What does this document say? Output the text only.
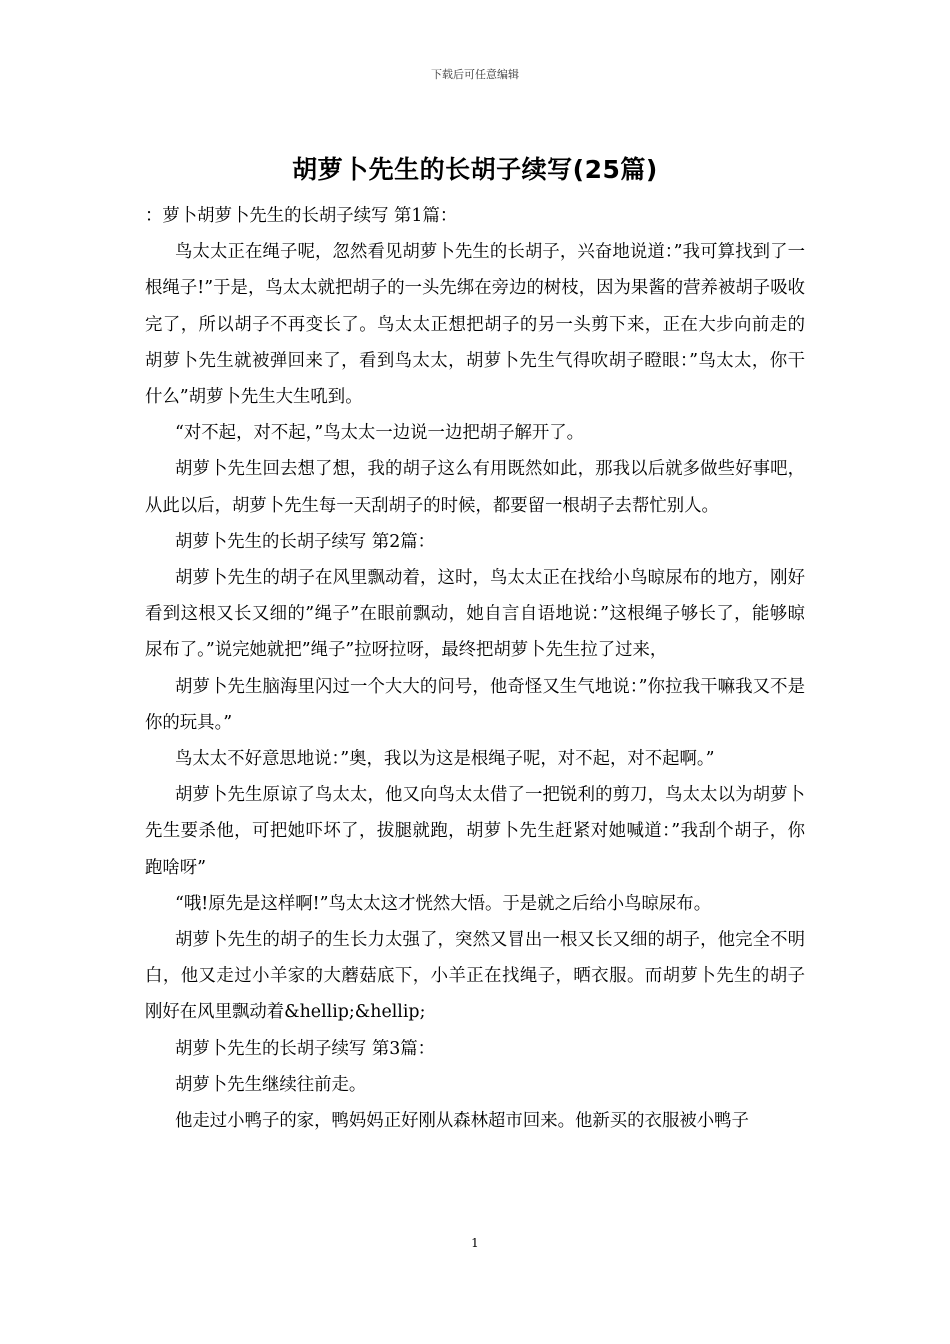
下载后可任意编辑
胡萝卜先生的长胡子续写(25篇)

：萝卜胡萝卜先生的长胡子续写 第1篇：

鸟太太正在绳子呢，忽然看见胡萝卜先生的长胡子，兴奋地说道：”我可算找到了一根绳子!”于是，鸟太太就把胡子的一头先绑在旁边的树枝，因为果酱的营养被胡子吸收完了，所以胡子不再变长了。鸟太太正想把胡子的另一头剪下来，正在大步向前走的胡萝卜先生就被弹回来了，看到鸟太太，胡萝卜先生气得吹胡子瞪眼：”鸟太太，你干什么”胡萝卜先生大生吼到。

“对不起，对不起，”鸟太太一边说一边把胡子解开了。

胡萝卜先生回去想了想，我的胡子这么有用既然如此，那我以后就多做些好事吧，从此以后，胡萝卜先生每一天刮胡子的时候，都要留一根胡子去帮忙别人。

胡萝卜先生的长胡子续写 第2篇：

胡萝卜先生的胡子在风里飘动着，这时，鸟太太正在找给小鸟晾尿布的地方，刚好看到这根又长又细的”绳子”在眼前飘动，她自言自语地说：”这根绳子够长了，能够晾尿布了。”说完她就把”绳子”拉呀拉呀，最终把胡萝卜先生拉了过来，

胡萝卜先生脑海里闪过一个大大的问号，他奇怪又生气地说：”你拉我干嘛我又不是你的玩具。”

鸟太太不好意思地说：”奥，我以为这是根绳子呢，对不起，对不起啊。”

胡萝卜先生原谅了鸟太太，他又向鸟太太借了一把锐利的剪刀，鸟太太以为胡萝卜先生要杀他，可把她吓坏了，拔腿就跑，胡萝卜先生赶紧对她喊道：”我刮个胡子，你跑啥呀”

“哦!原先是这样啊!”鸟太太这才恍然大悟。于是就之后给小鸟晾尿布。

胡萝卜先生的胡子的生长力太强了，突然又冒出一根又长又细的胡子，他完全不明白，他又走过小羊家的大蘑菇底下，小羊正在找绳子，晒衣服。而胡萝卜先生的胡子刚好在风里飘动着&hellip;&hellip;

胡萝卜先生的长胡子续写 第3篇：

胡萝卜先生继续往前走。

他走过小鸭子的家，鸭妈妈正好刚从森林超市回来。他新买的衣服被小鸭子

1
